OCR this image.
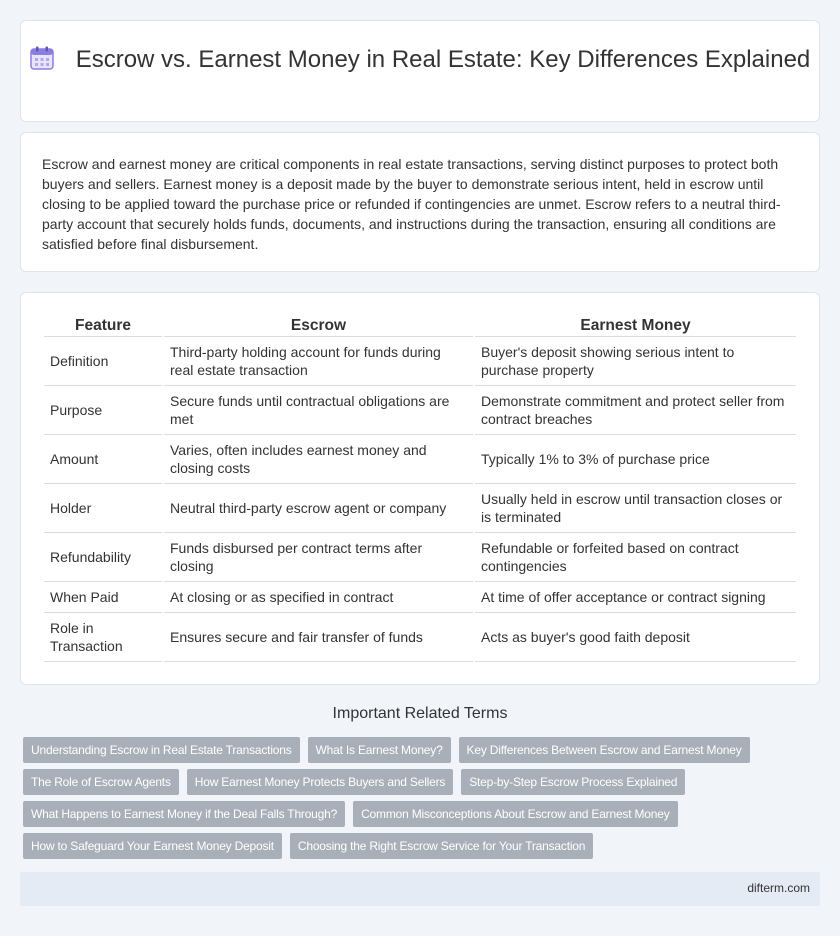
Escrow vs. Earnest Money in Real Estate: Key Differences Explained

Escrow and earnest money are critical components in real estate transactions, serving distinct purposes to protect both buyers and sellers. Earnest money is a deposit made by the buyer to demonstrate serious intent, held in escrow until closing to be applied toward the purchase price or refunded if contingencies are unmet. Escrow refers to a neutral third-party account that securely holds funds, documents, and instructions during the transaction, ensuring all conditions are satisfied before final disbursement.

Feature	Escrow	Earnest Money
Definition	Third-party holding account for funds during real estate transaction	Buyer's deposit showing serious intent to purchase property
Purpose	Secure funds until contractual obligations are met	Demonstrate commitment and protect seller from contract breaches
Amount	Varies, often includes earnest money and closing costs	Typically 1% to 3% of purchase price
Holder	Neutral third-party escrow agent or company	Usually held in escrow until transaction closes or is terminated
Refundability	Funds disbursed per contract terms after closing	Refundable or forfeited based on contract contingencies
When Paid	At closing or as specified in contract	At time of offer acceptance or contract signing
Role in Transaction	Ensures secure and fair transfer of funds	Acts as buyer's good faith deposit
Important Related Terms
Understanding Escrow in Real Estate Transactions What Is Earnest Money? Key Differences Between Escrow and Earnest Money
The Role of Escrow Agents How Earnest Money Protects Buyers and Sellers Step-by-Step Escrow Process Explained
What Happens to Earnest Money if the Deal Falls Through? Common Misconceptions About Escrow and Earnest Money
How to Safeguard Your Earnest Money Deposit Choosing the Right Escrow Service for Your Transaction
difterm.com
